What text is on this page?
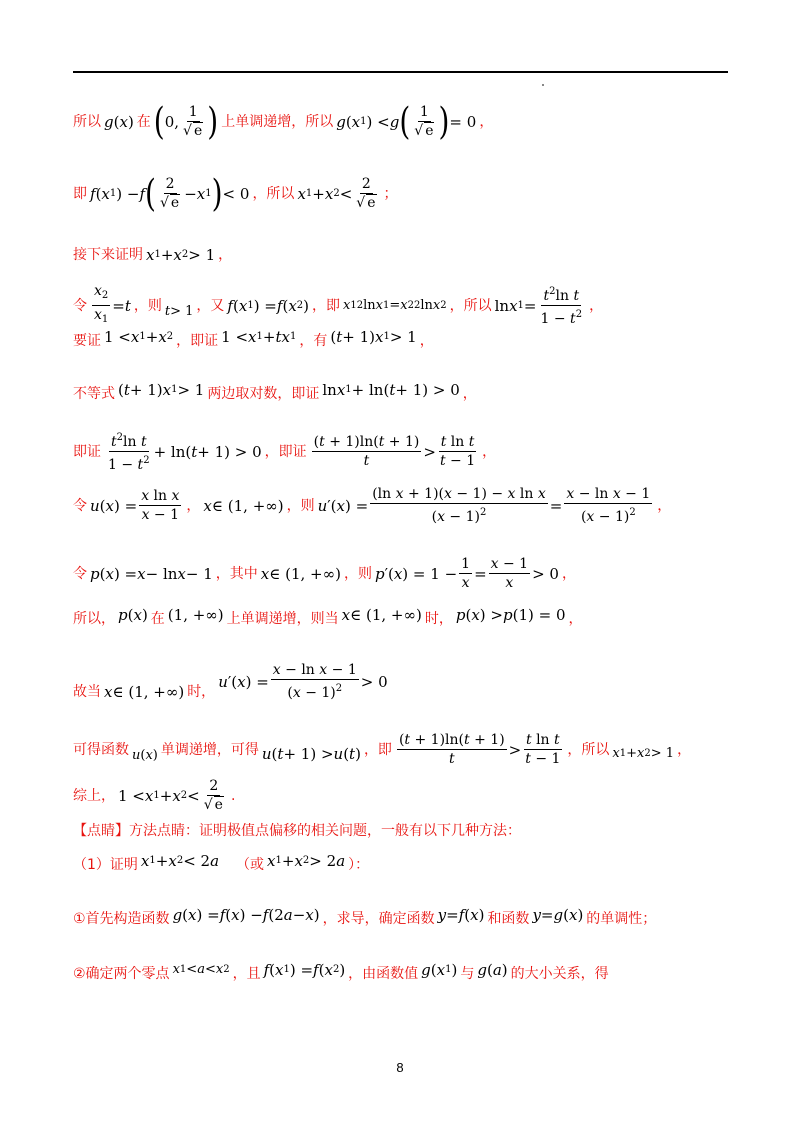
所以 g ( x ) 在 ( 0, $\frac{1}{√ e}$ ) 上单调递增，所以 g ( x 1 ) < g ( $\frac{1}{√ e}$ ) = 0 ，
即 f ( x 1 ) − f ( $\frac{2}{√ e} - x$ 1 ) < 0 ，所以 x 1 + x $2 < \frac{2}{√ e}$ ；
接下来证明 x 1 + x 2 > 1 ，
令 $\frac{x_2}{x_1} = t$ ，则 t > 1 ，又 f ( x 1 ) = f ( x 2 ) ，即 x 1 2 ln x 1 = x 2 2 ln x 2 ，所以 ln x $1 = \frac{t^2\ln t}{1 - t^2}$ ，
要证 1 < x 1 + x 2 ，即证 1 < x 1 + tx 1 ，有 ( t + 1) x 1 > 1 ，
不等式 ( t + 1) x 1 > 1 两边取对数，即证 ln x 1 + ln( t + 1) > 0 ，
即证 $\frac{t^2\ln t}{1 - t^2} + \ln$( t + 1) > 0 ，即证 $\frac{(t + 1)\ln(t + 1)}{t} > \frac{\text{t ln t}}{t - 1}$ ，
令 u ( x ) = $\frac{\text{x ln x}}{x - 1}$ ， x ∈ (1, +∞) ，则 u ′( x ) = $\frac{\text{(ln x + 1)(x − 1) − x ln x}}{(x - 1)^2} = \frac{\text{x − ln x − 1}}{(x - 1)^2}$ ，
令 p ( x ) = x − ln x − 1 ，其中 x ∈ (1, +∞) ，则 p ′( x ) = $1 - \frac{1}{x} = \frac{x - 1}{x} > 0$ ，
所以， p ( x ) 在 (1, +∞) 上单调递增，则当 x ∈ (1, +∞) 时， p ( x ) > p (1) = 0 ，
故当 x ∈ (1, +∞) 时，
u ′( x ) = $\frac{\text{x − ln x − 1}}{(x - 1)^2} > 0$
可得函数 u ( x ) 单调递增，可得 u ( t + 1) > u ( t ) ，即 $\frac{(t + 1)\ln(t + 1)}{t} > \frac{\text{t ln t}}{t - 1}$ ，所以 x 1 + x 2 > 1 ，
综上， 1 < x 1 + x $2 < \frac{2}{√ e}$ .
【点睛】方法点睛：证明极值点偏移的相关问题，一般有以下几种方法：
（1）证明 x 1 + x 2 < 2 a （或 x 1 + x 2 > 2 a ）：
①首先构造函数 g ( x ) = f ( x ) − f (2 a − x ) ，求导，确定函数 y = f ( x ) 和函数 y = g ( x ) 的单调性；
②确定两个零点 x 1 < a < x 2 ，且 f ( x 1 ) = f ( x 2 ) ，由函数值 g ( x 1 ) 与 g ( a ) 的大小关系，得
8
